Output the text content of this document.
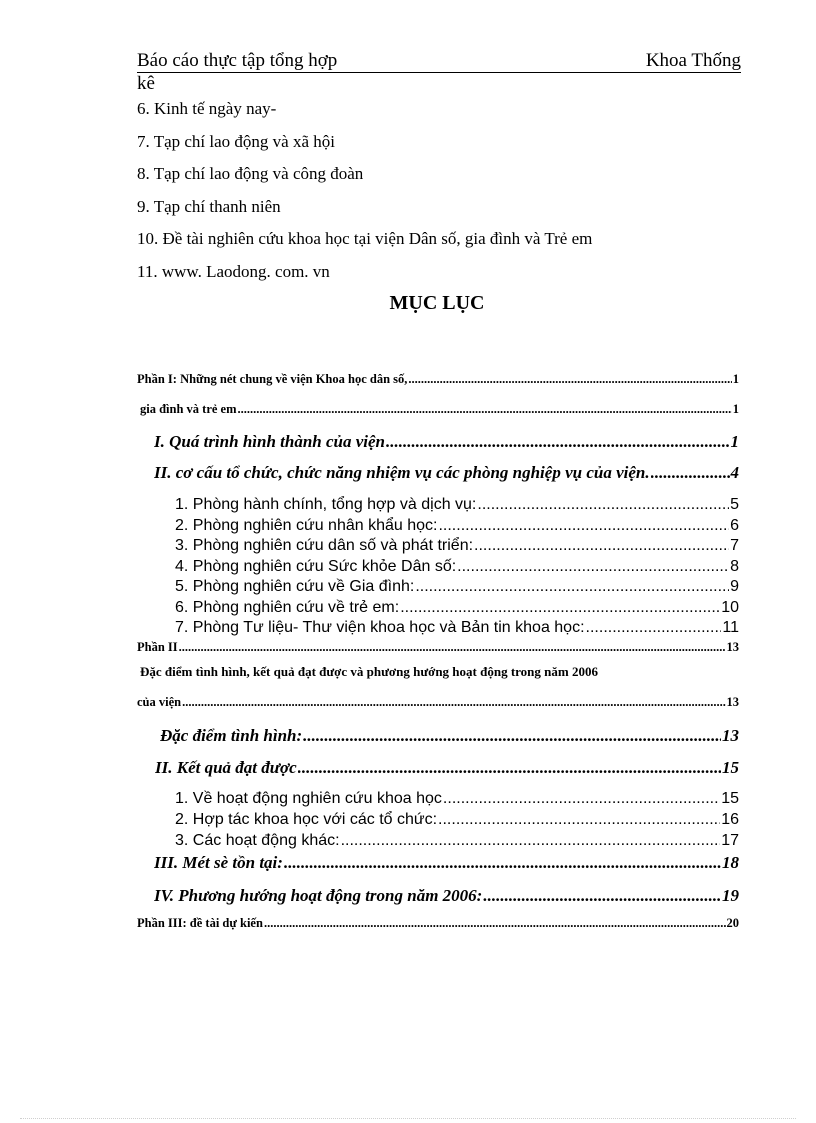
Báo cáo thực tập tổng hợp	Khoa Thống
kê
6. Kinh tế ngày nay-
7. Tạp chí lao động và xã hội
8. Tạp chí lao động và công đoàn
9. Tạp chí thanh niên
10. Đề tài nghiên cứu khoa học tại viện Dân số, gia đình và Trẻ em
11. www. Laodong. com. vn
MỤC LỤC
Phần I: Những nét chung về viện Khoa học dân số, .....	1
gia đình và trẻ em .....	1
I. Quá trình hình thành của viện .....	1
II. cơ cấu tổ chức, chức năng nhiệm vụ các phòng nghiệp vụ của viện. .....	4
1. Phòng hành chính, tổng hợp và dịch vụ: .....	5
2. Phòng nghiên cứu nhân khẩu học: .....	6
3. Phòng nghiên cứu dân số và phát triển: .....	7
4. Phòng nghiên cứu Sức khỏe Dân số: .....	8
5. Phòng nghiên cứu về Gia đình: .....	9
6. Phòng nghiên cứu về trẻ em: .....	10
7. Phòng Tư liệu- Thư viện khoa học và Bản tin khoa học: .....	11
Phần II .....	13
Đặc điểm tình hình, kết quả đạt được và phương hướng hoạt động trong năm 2006
của viện .....	13
Đặc điểm tình hình: .....	13
II. Kết quả đạt được .....	15
1. Về hoạt động nghiên cứu khoa học .....	15
2. Hợp tác khoa học với các tổ chức: .....	16
3. Các hoạt động khác: .....	17
III. Mét sè tồn tại: .....	18
IV. Phương hướng hoạt động trong năm 2006: .....	19
Phần III: đề tài dự kiến .....	20
